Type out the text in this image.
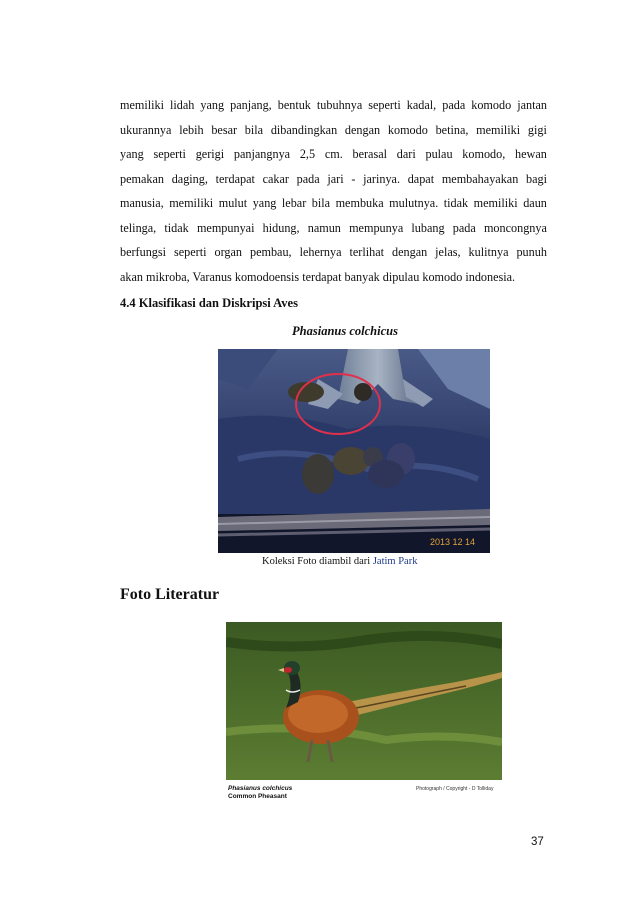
memiliki lidah yang panjang, bentuk tubuhnya seperti kadal, pada komodo jantan
ukurannya lebih besar bila dibandingkan dengan komodo betina, memiliki gigi
yang seperti gerigi panjangnya 2,5 cm. berasal dari pulau komodo, hewan
pemakan daging, terdapat cakar pada jari - jarinya. dapat membahayakan bagi
manusia, memiliki mulut yang lebar bila membuka mulutnya. tidak memiliki daun
telinga, tidak mempunyai hidung, namun mempunya lubang pada moncongnya
berfungsi seperti organ pembau, lehernya terlihat dengan jelas, kulitnya punuh
akan mikroba, Varanus komodoensis terdapat banyak dipulau komodo indonesia.
4.4 Klasifikasi dan Diskripsi Aves
Phasianus colchicus
2013 12 14
Koleksi Foto diambil dari Jatim Park
Foto Literatur
Phasianus colchicus
Common Pheasant
Photograph / Copyright - D Tolliday
37
